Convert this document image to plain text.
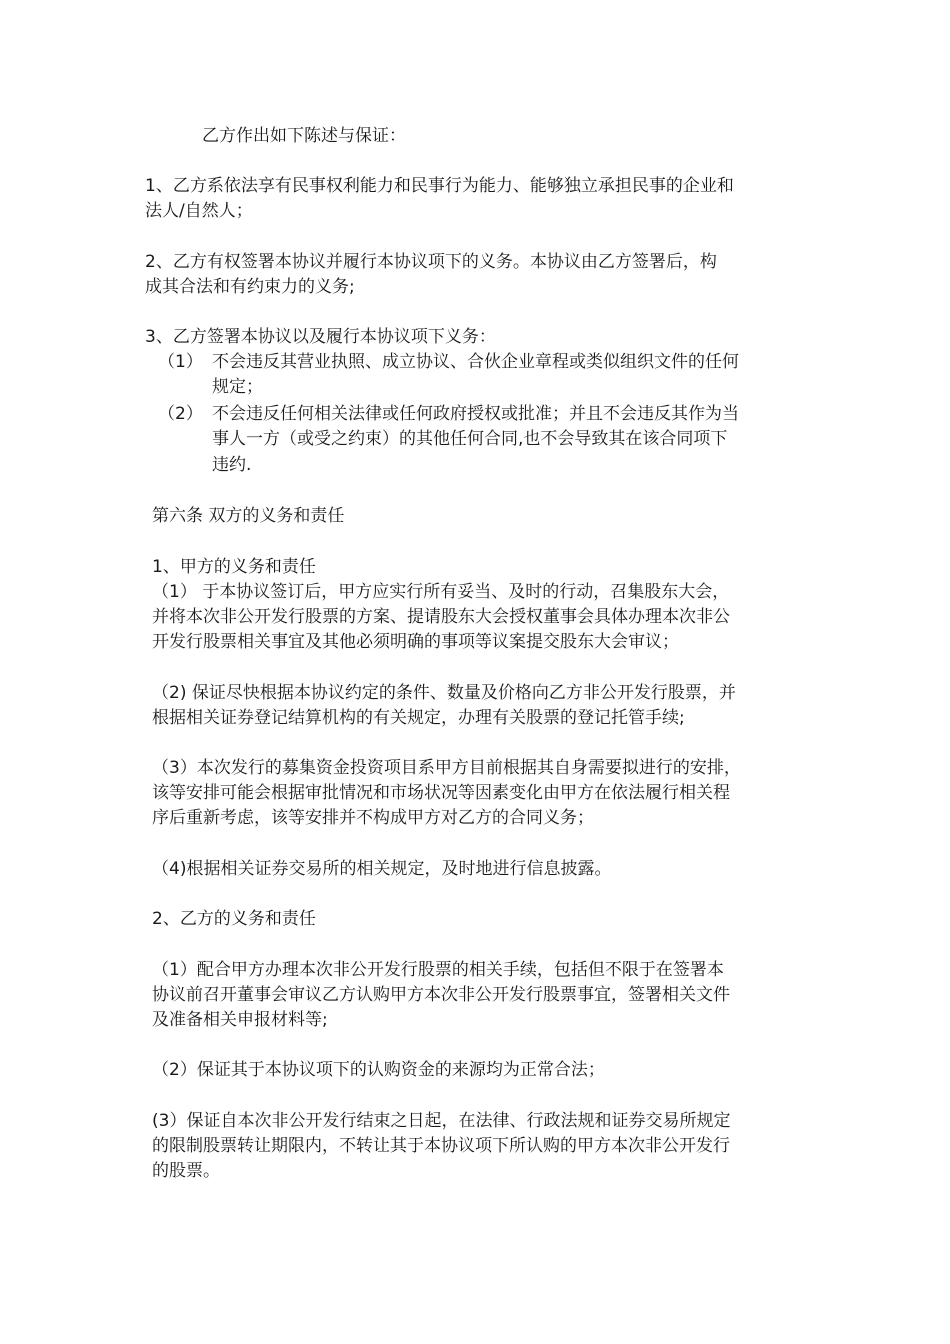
乙方作出如下陈述与保证：
1、乙方系依法享有民事权利能力和民事行为能力、能够独立承担民事的企业和
法人/自然人；
2、乙方有权签署本协议并履行本协议项下的义务。本协议由乙方签署后，构
成其合法和有约束力的义务;
3、乙方签署本协议以及履行本协议项下义务：
（1） 不会违反其营业执照、成立协议、合伙企业章程或类似组织文件的任何
规定；
（2） 不会违反任何相关法律或任何政府授权或批准；并且不会违反其作为当
事人一方（或受之约束）的其他任何合同,也不会导致其在该合同项下
违约.
第六条 双方的义务和责任
1、甲方的义务和责任
（1） 于本协议签订后，甲方应实行所有妥当、及时的行动，召集股东大会，
并将本次非公开发行股票的方案、提请股东大会授权董事会具体办理本次非公
开发行股票相关事宜及其他必须明确的事项等议案提交股东大会审议；
（2) 保证尽快根据本协议约定的条件、数量及价格向乙方非公开发行股票，并
根据相关证券登记结算机构的有关规定，办理有关股票的登记托管手续;
（3）本次发行的募集资金投资项目系甲方目前根据其自身需要拟进行的安排，
该等安排可能会根据审批情况和市场状况等因素变化由甲方在依法履行相关程
序后重新考虑，该等安排并不构成甲方对乙方的合同义务；
（4)根据相关证券交易所的相关规定，及时地进行信息披露。
2、乙方的义务和责任
（1）配合甲方办理本次非公开发行股票的相关手续，包括但不限于在签署本
协议前召开董事会审议乙方认购甲方本次非公开发行股票事宜，签署相关文件
及准备相关申报材料等;
（2）保证其于本协议项下的认购资金的来源均为正常合法；
(3）保证自本次非公开发行结束之日起，在法律、行政法规和证券交易所规定
的限制股票转让期限内，不转让其于本协议项下所认购的甲方本次非公开发行
的股票。
